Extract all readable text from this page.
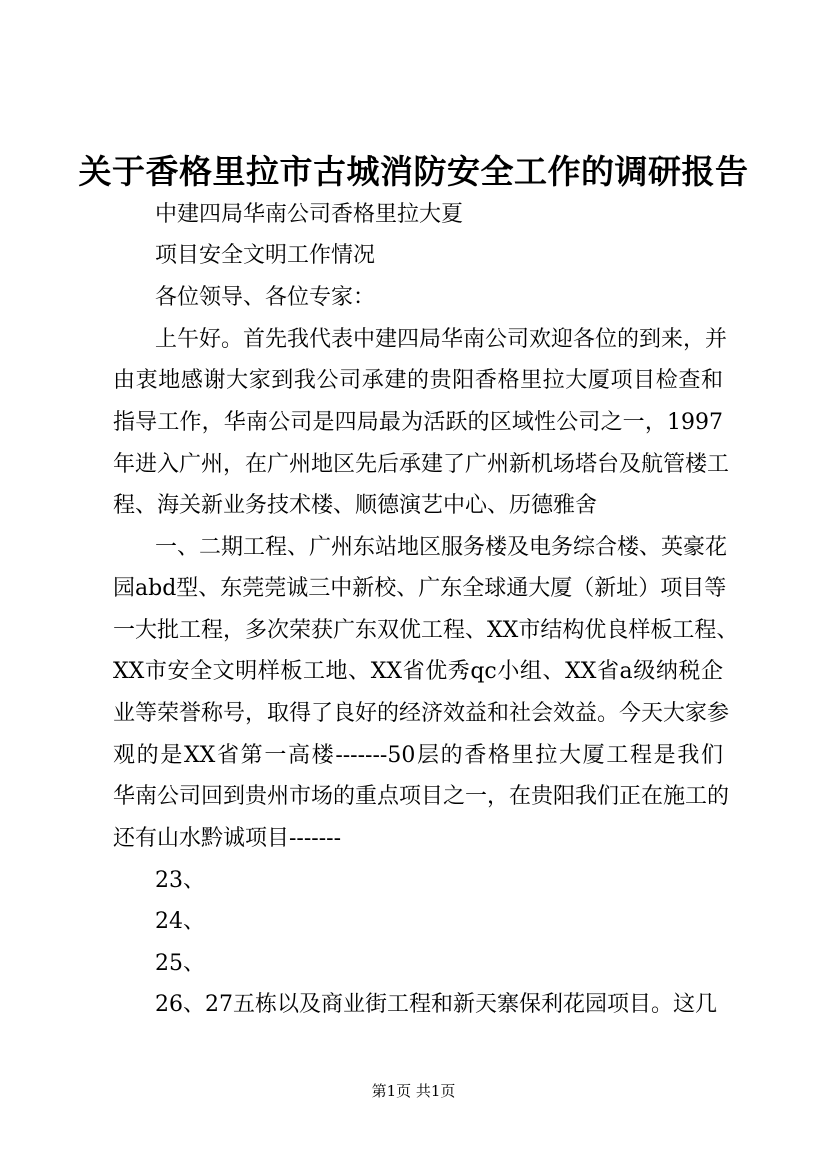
关于香格里拉市古城消防安全工作的调研报告
中建四局华南公司香格里拉大夏
项目安全文明工作情况
各位领导、各位专家：
上午好。首先我代表中建四局华南公司欢迎各位的到来，并
由衷地感谢大家到我公司承建的贵阳香格里拉大厦项目检查和
指导工作，华南公司是四局最为活跃的区域性公司之一，1997
年进入广州，在广州地区先后承建了广州新机场塔台及航管楼工
程、海关新业务技术楼、顺德演艺中心、历德雅舍
一、二期工程、广州东站地区服务楼及电务综合楼、英豪花
园abd型、东莞莞诚三中新校、广东全球通大厦（新址）项目等
一大批工程，多次荣获广东双优工程、XX市结构优良样板工程、
XX市安全文明样板工地、XX省优秀qc小组、XX省a级纳税企
业等荣誉称号，取得了良好的经济效益和社会效益。今天大家参
观的是XX省第一高楼-------50层的香格里拉大厦工程是我们
华南公司回到贵州市场的重点项目之一，在贵阳我们正在施工的
还有山水黔诚项目-------
23、
24、
25、
26、27五栋以及商业街工程和新天寨保利花园项目。这几
第1页 共1页
